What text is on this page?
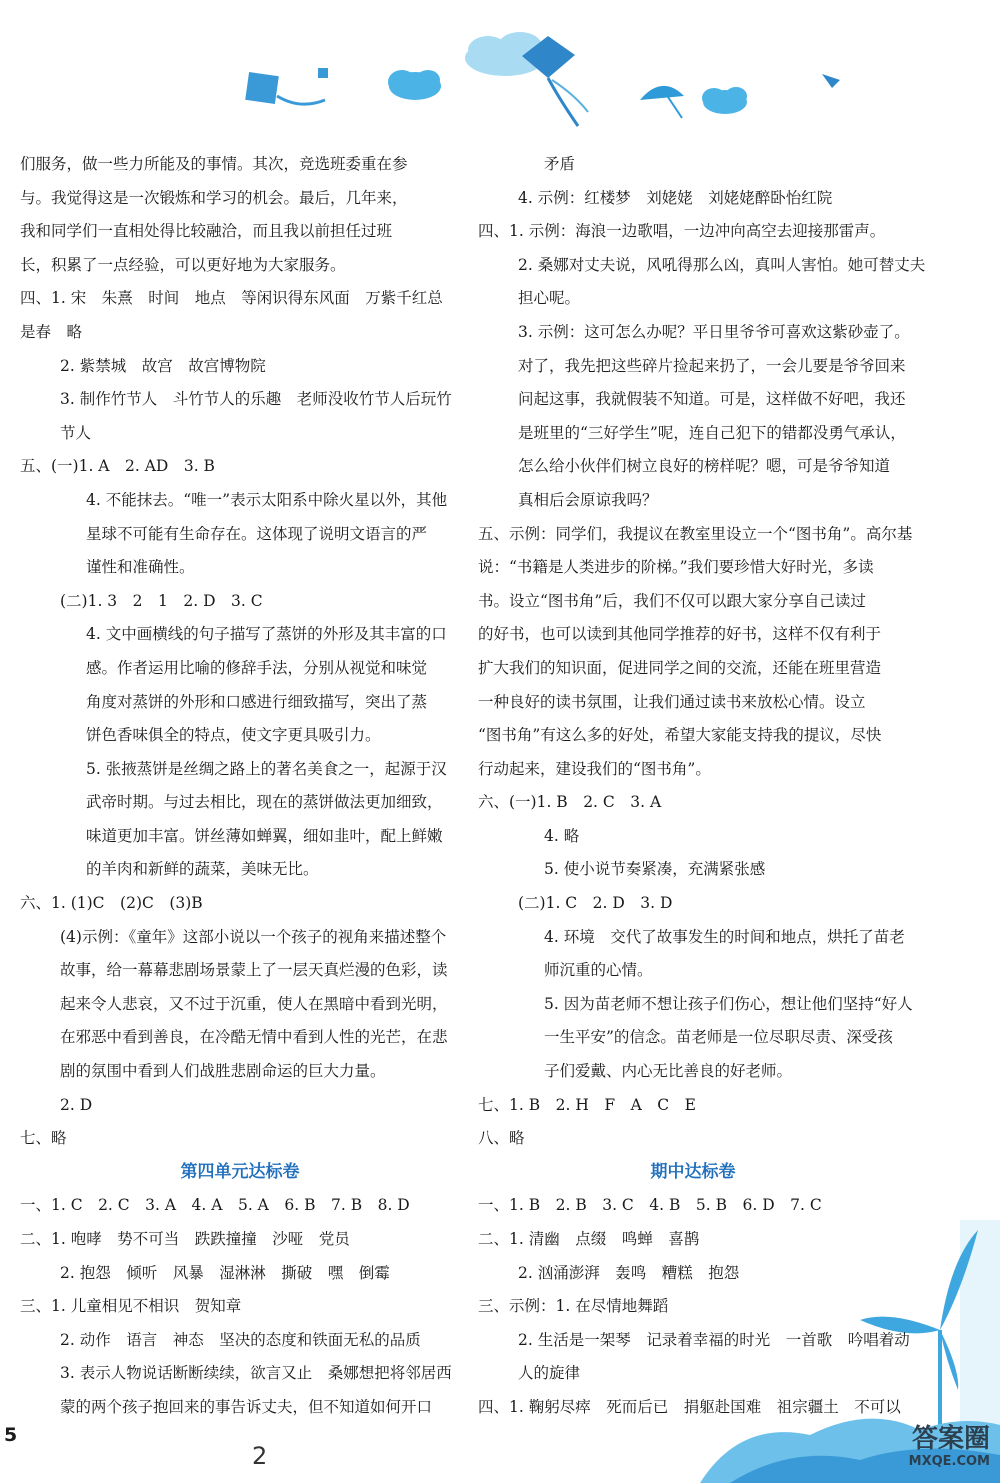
们服务，做一些力所能及的事情。其次，竞选班委重在参
与。我觉得这是一次锻炼和学习的机会。最后，几年来，
我和同学们一直相处得比较融洽，而且我以前担任过班
长，积累了一点经验，可以更好地为大家服务。
四、1. 宋　朱熹　时间　地点　等闲识得东风面　万紫千红总
是春　略
2. 紫禁城　故宫　故宫博物院
3. 制作竹节人　斗竹节人的乐趣　老师没收竹节人后玩竹
节人
五、(一)1. A　2. AD　3. B
4. 不能抹去。“唯一”表示太阳系中除火星以外，其他
星球不可能有生命存在。这体现了说明文语言的严
谨性和准确性。
(二)1. 3　2　1　2. D　3. C
4. 文中画横线的句子描写了蒸饼的外形及其丰富的口
感。作者运用比喻的修辞手法，分别从视觉和味觉
角度对蒸饼的外形和口感进行细致描写，突出了蒸
饼色香味俱全的特点，使文字更具吸引力。
5. 张掖蒸饼是丝绸之路上的著名美食之一，起源于汉
武帝时期。与过去相比，现在的蒸饼做法更加细致，
味道更加丰富。饼丝薄如蝉翼，细如韭叶，配上鲜嫩
的羊肉和新鲜的蔬菜，美味无比。
六、1. (1)C　(2)C　(3)B
(4)示例：《童年》这部小说以一个孩子的视角来描述整个
故事，给一幕幕悲剧场景蒙上了一层天真烂漫的色彩，读
起来令人悲哀，又不过于沉重，使人在黑暗中看到光明，
在邪恶中看到善良，在冷酷无情中看到人性的光芒，在悲
剧的氛围中看到人们战胜悲剧命运的巨大力量。
2. D
七、略
第四单元达标卷
一、1. C　2. C　3. A　4. A　5. A　6. B　7. B　8. D
二、1. 咆哮　势不可当　跌跌撞撞　沙哑　党员
2. 抱怨　倾听　风暴　湿淋淋　撕破　嘿　倒霉
三、1. 儿童相见不相识　贺知章
2. 动作　语言　神态　坚决的态度和铁面无私的品质
3. 表示人物说话断断续续，欲言又止　桑娜想把将邻居西
蒙的两个孩子抱回来的事告诉丈夫，但不知道如何开口
矛盾
4. 示例：红楼梦　刘姥姥　刘姥姥醉卧怡红院
四、1. 示例：海浪一边歌唱，一边冲向高空去迎接那雷声。
2. 桑娜对丈夫说，风吼得那么凶，真叫人害怕。她可替丈夫
担心呢。
3. 示例：这可怎么办呢？平日里爷爷可喜欢这紫砂壶了。
对了，我先把这些碎片捡起来扔了，一会儿要是爷爷回来
问起这事，我就假装不知道。可是，这样做不好吧，我还
是班里的“三好学生”呢，连自己犯下的错都没勇气承认，
怎么给小伙伴们树立良好的榜样呢？嗯，可是爷爷知道
真相后会原谅我吗？
五、示例：同学们，我提议在教室里设立一个“图书角”。高尔基
说：“书籍是人类进步的阶梯。”我们要珍惜大好时光，多读
书。设立“图书角”后，我们不仅可以跟大家分享自己读过
的好书，也可以读到其他同学推荐的好书，这样不仅有利于
扩大我们的知识面，促进同学之间的交流，还能在班里营造
一种良好的读书氛围，让我们通过读书来放松心情。设立
“图书角”有这么多的好处，希望大家能支持我的提议，尽快
行动起来，建设我们的“图书角”。
六、(一)1. B　2. C　3. A
4. 略
5. 使小说节奏紧凑，充满紧张感
(二)1. C　2. D　3. D
4. 环境　交代了故事发生的时间和地点，烘托了苗老
师沉重的心情。
5. 因为苗老师不想让孩子们伤心，想让他们坚持“好人
一生平安”的信念。苗老师是一位尽职尽责、深受孩
子们爱戴、内心无比善良的好老师。
七、1. B　2. H　F　A　C　E
八、略
期中达标卷
一、1. B　2. B　3. C　4. B　5. B　6. D　7. C
二、1. 清幽　点缀　鸣蝉　喜鹊
2. 汹涌澎湃　轰鸣　糟糕　抱怨
三、示例：1. 在尽情地舞蹈
2. 生活是一架琴　记录着幸福的时光　一首歌　吟唱着动
人的旋律
四、1. 鞠躬尽瘁　死而后已　捐躯赴国难　祖宗疆土　不可以
5
2
答案圈
MXQE.COM
